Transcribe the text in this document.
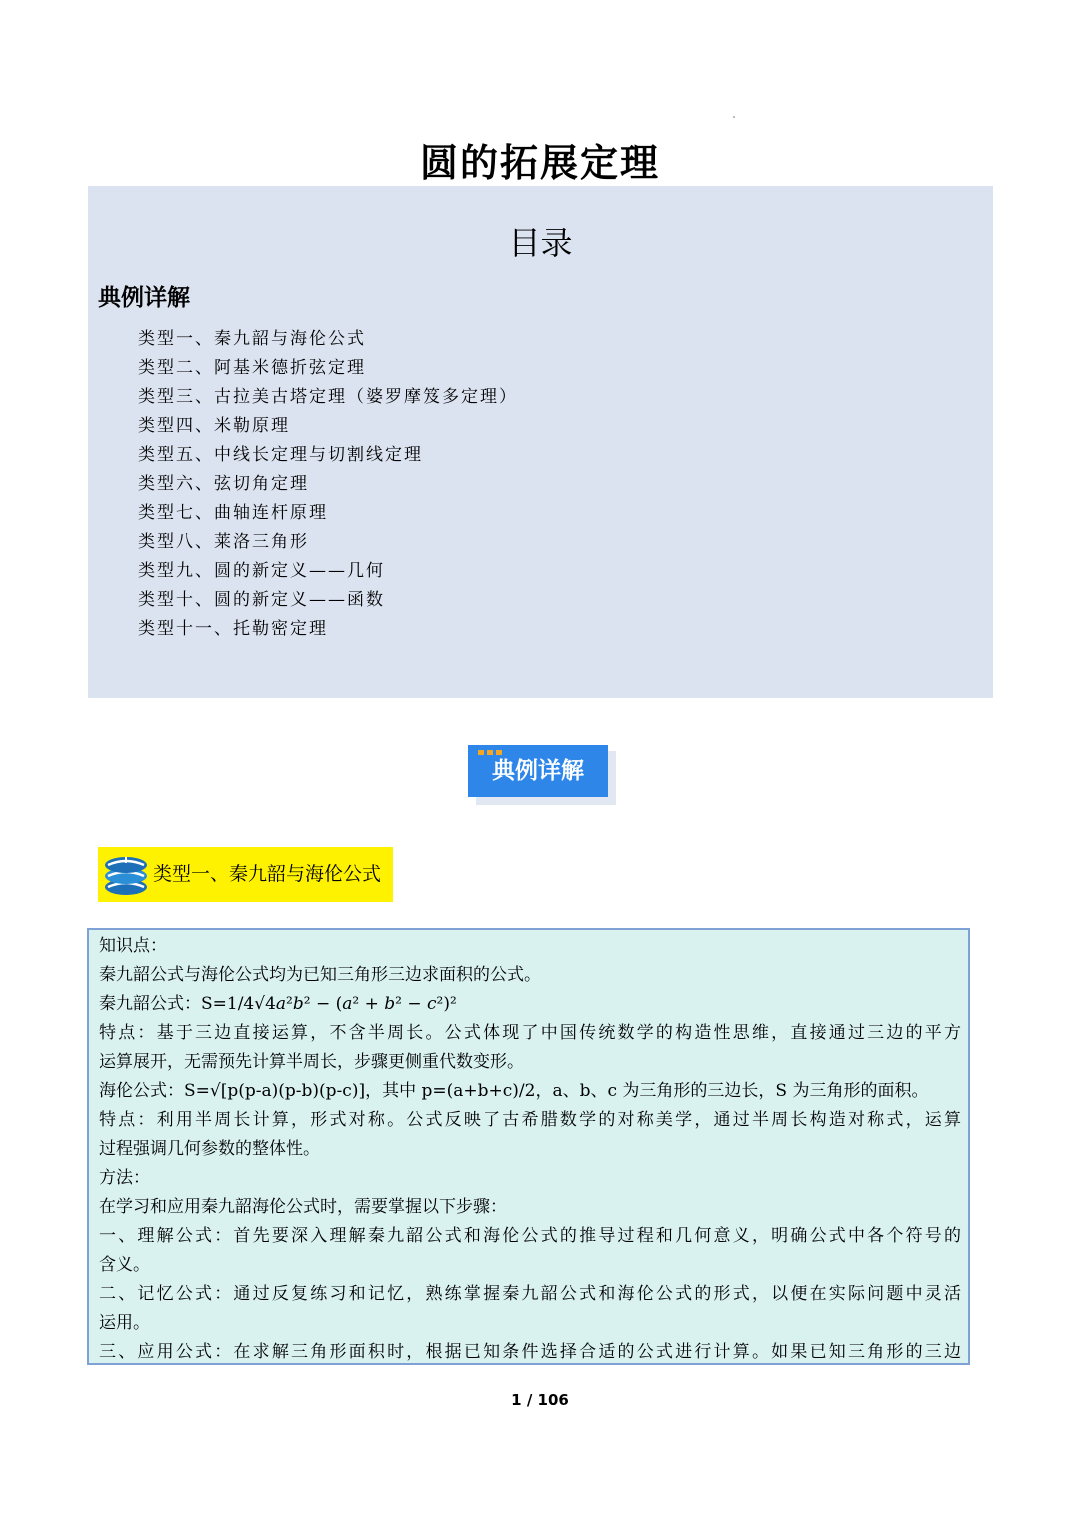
圆的拓展定理
目录
典例详解
类型一、秦九韶与海伦公式
类型二、阿基米德折弦定理
类型三、古拉美古塔定理（婆罗摩笈多定理）
类型四、米勒原理
类型五、中线长定理与切割线定理
类型六、弦切角定理
类型七、曲轴连杆原理
类型八、莱洛三角形
类型九、圆的新定义——几何
类型十、圆的新定义——函数
类型十一、托勒密定理
典例详解
类型一、秦九韶与海伦公式

知识点：

秦九韶公式与海伦公式均为已知三角形三边求面积的公式。

秦九韶公式：S=1/4√4𝑎²𝑏² − (𝑎² + 𝑏² − 𝑐²)²

特点：基于三边直接运算，不含半周长。公式体现了中国传统数学的构造性思维，直接通过三边的平方

运算展开，无需预先计算半周长，步骤更侧重代数变形。

海伦公式：S=√[p(p-a)(p-b)(p-c)]，其中 p=(a+b+c)/2，a、b、c 为三角形的三边长，S 为三角形的面积。

特点：利用半周长计算，形式对称。公式反映了古希腊数学的对称美学，通过半周长构造对称式，运算

过程强调几何参数的整体性。

方法：

在学习和应用秦九韶海伦公式时，需要掌握以下步骤：

一、理解公式：首先要深入理解秦九韶公式和海伦公式的推导过程和几何意义，明确公式中各个符号的

含义。

二、记忆公式：通过反复练习和记忆，熟练掌握秦九韶公式和海伦公式的形式，以便在实际问题中灵活

运用。

三、应用公式：在求解三角形面积时，根据已知条件选择合适的公式进行计算。如果已知三角形的三边

1 / 106
